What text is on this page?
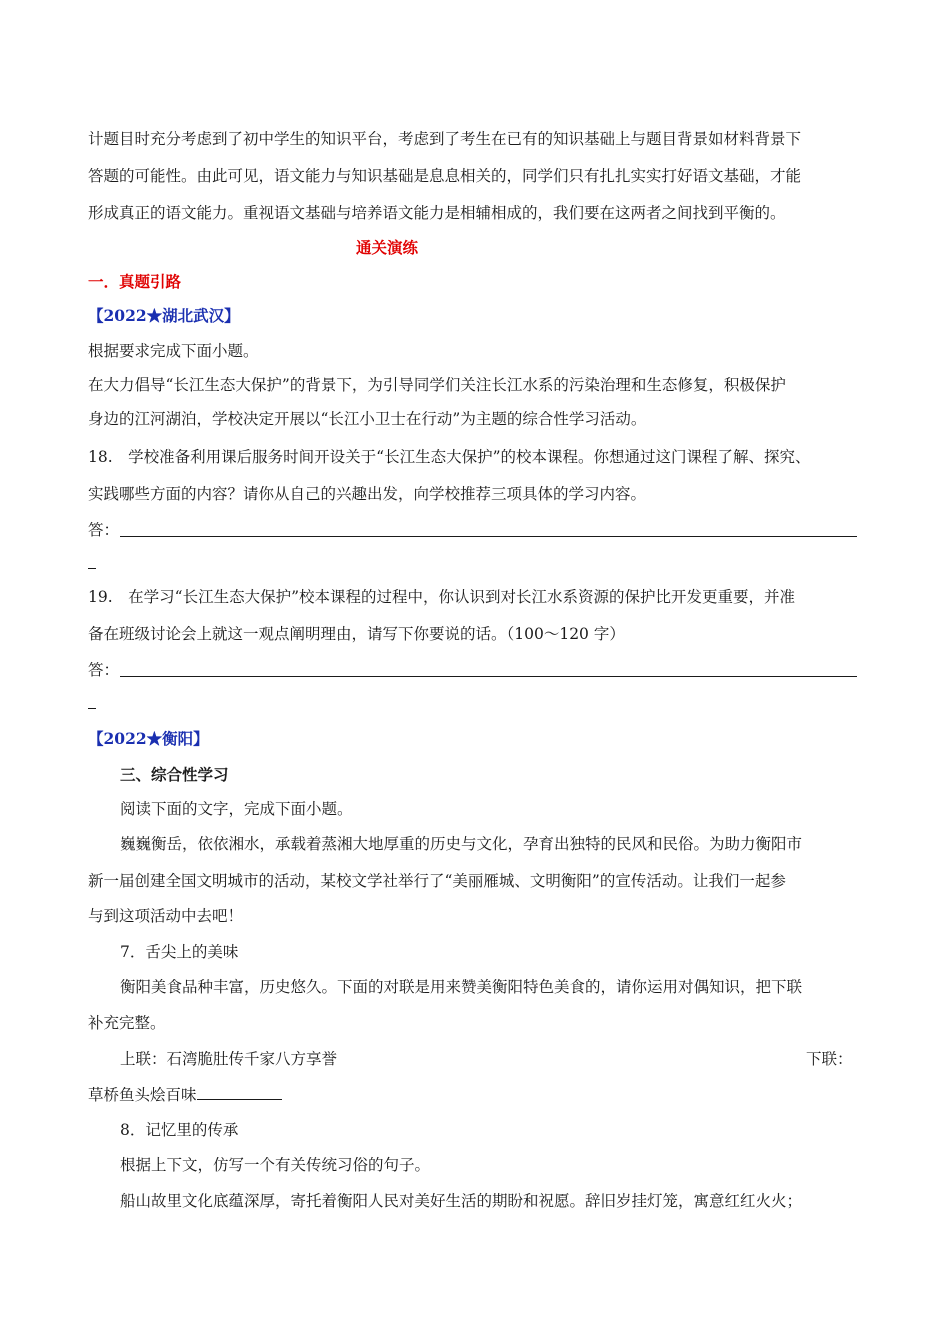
计题目时充分考虑到了初中学生的知识平台，考虑到了考生在已有的知识基础上与题目背景如材料背景下
答题的可能性。由此可见，语文能力与知识基础是息息相关的，同学们只有扎扎实实打好语文基础，才能
形成真正的语文能力。重视语文基础与培养语文能力是相辅相成的，我们要在这两者之间找到平衡的。
通关演练
一．真题引路
【2022★湖北武汉】
根据要求完成下面小题。
在大力倡导“长江生态大保护”的背景下，为引导同学们关注长江水系的污染治理和生态修复，积极保护
身边的江河湖泊，学校决定开展以“长江小卫士在行动”为主题的综合性学习活动。
18.　学校准备利用课后服务时间开设关于“长江生态大保护”的校本课程。你想通过这门课程了解、探究、
实践哪些方面的内容？请你从自己的兴趣出发，向学校推荐三项具体的学习内容。
答：
19.　在学习“长江生态大保护”校本课程的过程中，你认识到对长江水系资源的保护比开发更重要，并准
备在班级讨论会上就这一观点阐明理由，请写下你要说的话。（100～120 字）
答：
【2022★衡阳】
三、综合性学习
阅读下面的文字，完成下面小题。
巍巍衡岳，依依湘水，承载着蒸湘大地厚重的历史与文化，孕育出独特的民风和民俗。为助力衡阳市
新一届创建全国文明城市的活动，某校文学社举行了“美丽雁城、文明衡阳”的宣传活动。让我们一起参
与到这项活动中去吧！
7．舌尖上的美味
衡阳美食品种丰富，历史悠久。下面的对联是用来赞美衡阳特色美食的，请你运用对偶知识，把下联
补充完整。
上联：石湾脆肚传千家八方享誉	下联：
草桥鱼头烩百味
8．记忆里的传承
根据上下文，仿写一个有关传统习俗的句子。
船山故里文化底蕴深厚，寄托着衡阳人民对美好生活的期盼和祝愿。辞旧岁挂灯笼，寓意红红火火；
